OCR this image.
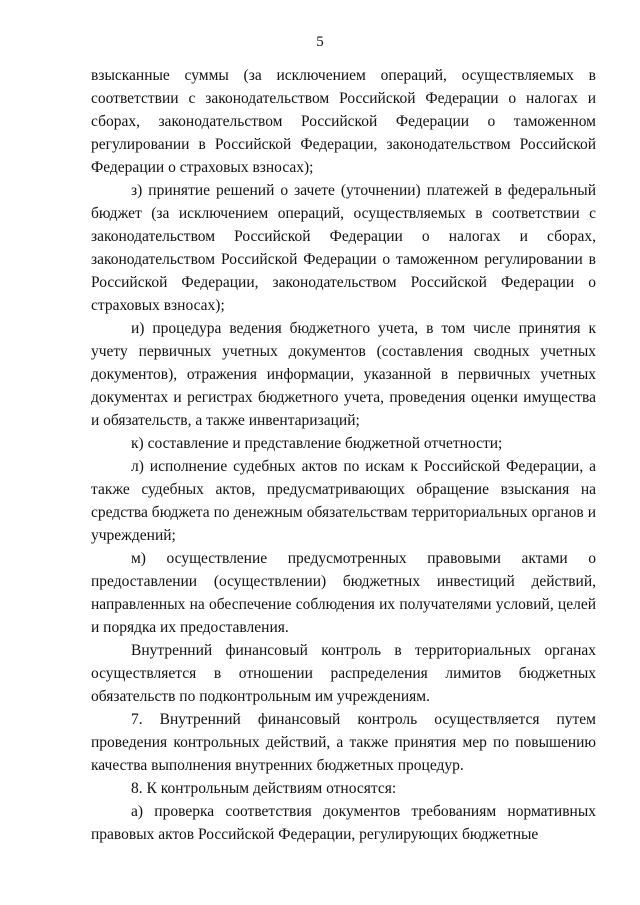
5

взысканные суммы (за исключением операций, осуществляемых в соответствии с законодательством Российской Федерации о налогах и сборах, законодательством Российской Федерации о таможенном регулировании в Российской Федерации, законодательством Российской Федерации о страховых взносах);

з) принятие решений о зачете (уточнении) платежей в федеральный бюджет (за исключением операций, осуществляемых в соответствии с законодательством Российской Федерации о налогах и сборах, законодательством Российской Федерации о таможенном регулировании в Российской Федерации, законодательством Российской Федерации о страховых взносах);

и) процедура ведения бюджетного учета, в том числе принятия к учету первичных учетных документов (составления сводных учетных документов), отражения информации, указанной в первичных учетных документах и регистрах бюджетного учета, проведения оценки имущества и обязательств, а также инвентаризаций;

к) составление и представление бюджетной отчетности;

л) исполнение судебных актов по искам к Российской Федерации, а также судебных актов, предусматривающих обращение взыскания на средства бюджета по денежным обязательствам территориальных органов и учреждений;

м) осуществление предусмотренных правовыми актами о предоставлении (осуществлении) бюджетных инвестиций действий, направленных на обеспечение соблюдения их получателями условий, целей и порядка их предоставления.

Внутренний финансовый контроль в территориальных органах осуществляется в отношении распределения лимитов бюджетных обязательств по подконтрольным им учреждениям.

7. Внутренний финансовый контроль осуществляется путем проведения контрольных действий, а также принятия мер по повышению качества выполнения внутренних бюджетных процедур.

8. К контрольным действиям относятся:

а) проверка соответствия документов требованиям нормативных правовых актов Российской Федерации, регулирующих бюджетные
